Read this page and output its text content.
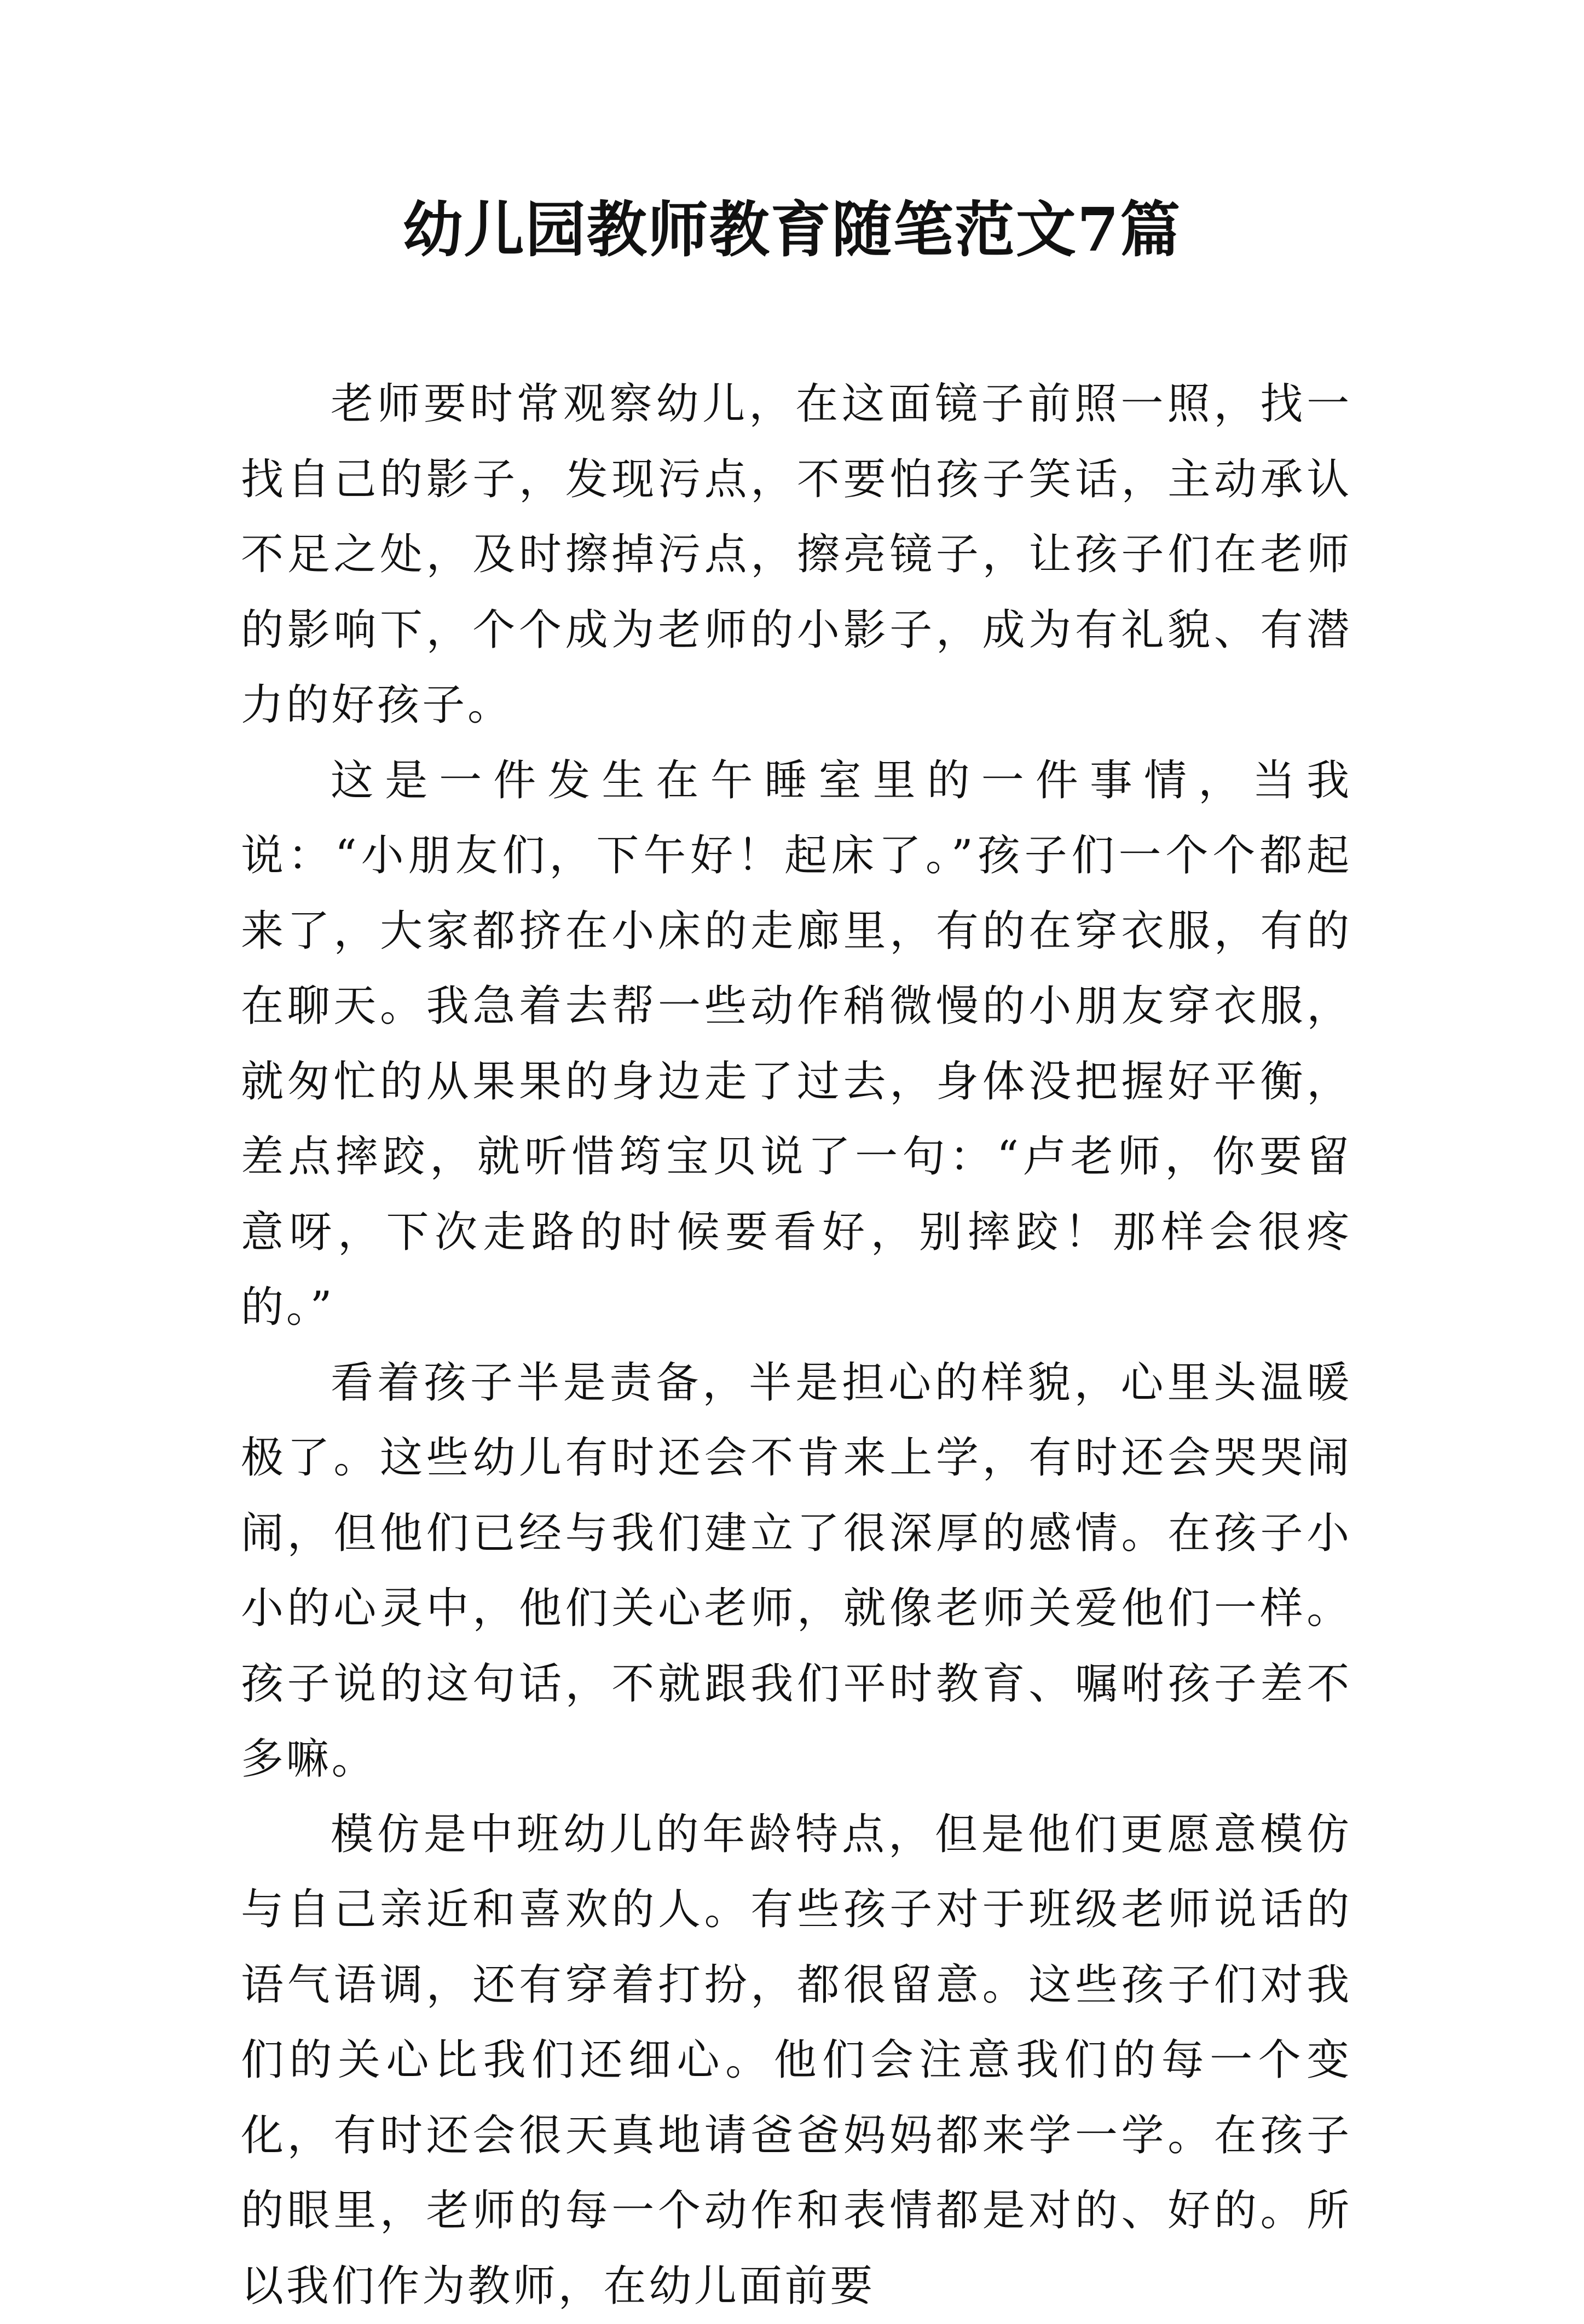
幼儿园教师教育随笔范文7篇

老师要时常观察幼儿，在这面镜子前照一照，找一找自己的影子，发现污点，不要怕孩子笑话，主动承认不足之处，及时擦掉污点，擦亮镜子，让孩子们在老师的影响下，个个成为老师的小影子，成为有礼貌、有潜力的好孩子。

这是一件发生在午睡室里的一件事情，当我说：“小朋友们，下午好！起床了。”孩子们一个个都起来了，大家都挤在小床的走廊里，有的在穿衣服，有的在聊天。我急着去帮一些动作稍微慢的小朋友穿衣服，就匆忙的从果果的身边走了过去，身体没把握好平衡，差点摔跤，就听惜筠宝贝说了一句：“卢老师，你要留意呀，下次走路的时候要看好，别摔跤！那样会很疼的。”

看着孩子半是责备，半是担心的样貌，心里头温暖极了。这些幼儿有时还会不肯来上学，有时还会哭哭闹闹，但他们已经与我们建立了很深厚的感情。在孩子小小的心灵中，他们关心老师，就像老师关爱他们一样。孩子说的这句话，不就跟我们平时教育、嘱咐孩子差不多嘛。

模仿是中班幼儿的年龄特点，但是他们更愿意模仿与自己亲近和喜欢的人。有些孩子对于班级老师说话的语气语调，还有穿着打扮，都很留意。这些孩子们对我们的关心比我们还细心。他们会注意我们的每一个变化，有时还会很天真地请爸爸妈妈都来学一学。在孩子的眼里，老师的每一个动作和表情都是对的、好的。所以我们作为教师，在幼儿面前要
